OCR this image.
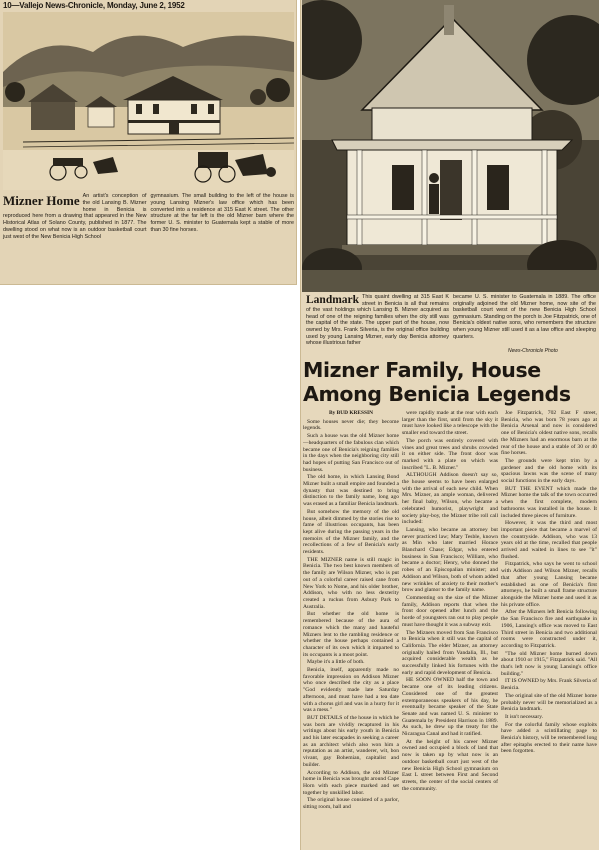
10—Vallejo News-Chronicle, Monday, June 2, 1952

Mizner Home An artist's conception of the old Lansing B. Mizner home in Benicia is reproduced here from a drawing that appeared in the New Historical Atlas of Solano County, published in 1877. The dwelling stood on what now is an outdoor basketball court just west of the New Benicia High School

gymnasium. The small building to the left of the house is young Lansing Mizner's law office which has been converted into a residence at 315 East K street. The other structure at the far left is the old Mizner barn where the former U. S. minister to Guatemala kept a stable of more than 30 fine horses.

Landmark This quaint dwelling at 315 East K street in Benicia is all that remains of the vast holdings which Lansing B. Mizner acquired as head of one of the reigning families when the city still was the capital of the state. The upper part of the house, now owned by Mrs. Frank Silveria, is the original office building used by young Lansing Mizner, early day Benicia attorney whose illustrious father

became U. S. minister to Guatemala in 1889. The office originally adjoined the old Mizner home, now site of the basketball court west of the new Benicia High School gymnasium. Standing on the porch is Joe Fitzpatrick, one of Benicia's oldest native sons, who remembers the structure when young Mizner still used it as a law office and sleeping quarters.

News-Chronicle Photo
Mizner Family, House
Among Benicia Legends

By BUD KRESSIN

Some houses never die; they become legends.

Such a house was the old Mizner home—headquarters of the fabulous clan which became one of Benicia's reigning families in the days when the neighboring city still had hopes of putting San Francisco out of business.

The old home, in which Lansing Bond Mizner built a small empire and founded a dynasty that was destined to bring distinction to the family name, long ago was erased as a familiar Benicia landmark.

But somehow the memory of the old house, albeit dimmed by the stories rise to fame of illustrious occupants, has been kept alive during the passing years in the memoirs of the Mizner family, and the recollections of a few of Benicia's early residents.

THE MIZNER name is still magic in Benicia. The two best known members of the family are Wilson Mizner, who is put out of a colorful career raised cane from New York to Nome, and his older brother, Addison, who with no less dexterity created a ruckus from Asbury Park to Australia.

But whether the old home is remembered because of the aura of romance which the many and hauteful Mizners lent to the rambling residence or whether the house perhaps contained a character of its own which it imparted to its occupants is a moot point.

Maybe it's a little of both.

Benicia, itself, apparently made no favorable impression on Addison Mizner who once described the city as a place "God evidently made late Saturday afternoon, and must have had a tea date with a chorus girl and was in a hurry for it was a mess."

BUT DETAILS of the house in which he was born are vividly recaptured in his writings about his early youth in Benicia and his later escapades in seeking a career as an architect which also won him a reputation as an artist, wanderer, wit, bon vivant, gay Bohemian, capitalist and builder.

According to Addison, the old Mizner home in Benicia was brought around Cape Horn with each piece marked and set together by unskilled labor.

The original house consisted of a parlor, sitting room, hall and

were rapidly made at the rear with each larger than the first, until from the sky it must have looked like a telescope with the smaller end toward the street.

The porch was entirely covered with vines and great trees and shrubs crowded it on either side. The front door was marked with a plate on which was inscribed "L. B. Mizner."

ALTHOUGH Addison doesn't say so, the house seems to have been enlarged with the arrival of each new child. When Mrs. Mizner, an ample woman, delivered her final baby, Wilson, who became a celebrated humorist, playwright and society play-boy, the Mizner tribe roll call included:

Lansing, who became an attorney but never practiced law; Mary Tesble, known as Min who later married Horace Blanchard Chase; Edgar, who entered business in San Francisco; William, who became a doctor; Henry, who donned the robes of an Episcopalian minister; and Addison and Wilson, both of whom added new wrinkles of anxiety to their mother's brow and glamor to the family name.

Commenting on the size of the Mizner family, Addison reports that when the front door opened after lunch and the horde of youngsters ran out to play people must have thought it was a subway exit.

The Mizners moved from San Francisco to Benicia when it still was the capital of California. The elder Mizner, an attorney originally hailed from Vandalia, Ill., but acquired considerable wealth as he successfully linked his fortunes with the early and rapid development of Benicia.

HE SOON OWNED half the town and became one of its leading citizens. Considered one of the greatest extemporaneous speakers of his day, he eventually became speaker of the State Senate and was named U. S. minister to Guatemala by President Harrison in 1889. As such, he drew up the treaty for the Nicaragua Canal and had it ratified.

At the height of his career Mizner owned and occupied a block of land that now is taken up by what now is an outdoor basketball court just west of the new Benicia High School gymnasium on East L street between First and Second streets, the center of the social centers of the community.

Joe Fitzpatrick, 702 East F street, Benicia, who was born 78 years ago at Benicia Arsenal and now is considered one of Benicia's oldest native sons, recalls the Mizners had an enormous barn at the rear of the house and a stable of 30 or 40 fine horses.

The grounds were kept trim by a gardener and the old home with its spacious lawns was the scene of many social functions in the early days.

BUT THE EVENT which made the Mizner home the talk of the town occurred when the first complete, modern bathrooms was installed in the house. It included three pieces of furniture.

However, it was the third and most important piece that became a marvel of the countryside. Addison, who was 13 years old at the time, recalled that people arrived and waited in lines to see "it" flushed.

Fitzpatrick, who says he went to school with Addison and Wilson Mizner, recalls that after young Lansing became established as one of Benicia's first attorneys, he built a small frame structure alongside the Mizner home and used it as his private office.

After the Mizners left Benicia following the San Francisco fire and earthquake in 1906, Lansing's office was moved to East Third street in Benicia and two additional rooms were constructed under it, according to Fitzpatrick.

"The old Mizner home burned down about 1910 or 1915," Fitzpatrick said. "All that's left now is young Lansing's office building."

IT IS OWNED by Mrs. Frank Silveria of Benicia.

The original site of the old Mizner home probably never will be memorialized as a Benicia landmark.

It isn't necessary.

For the colorful family whose exploits have added a scintillating page to Benicia's history, will be remembered long after epitaphs erected to their name have been forgotten.
